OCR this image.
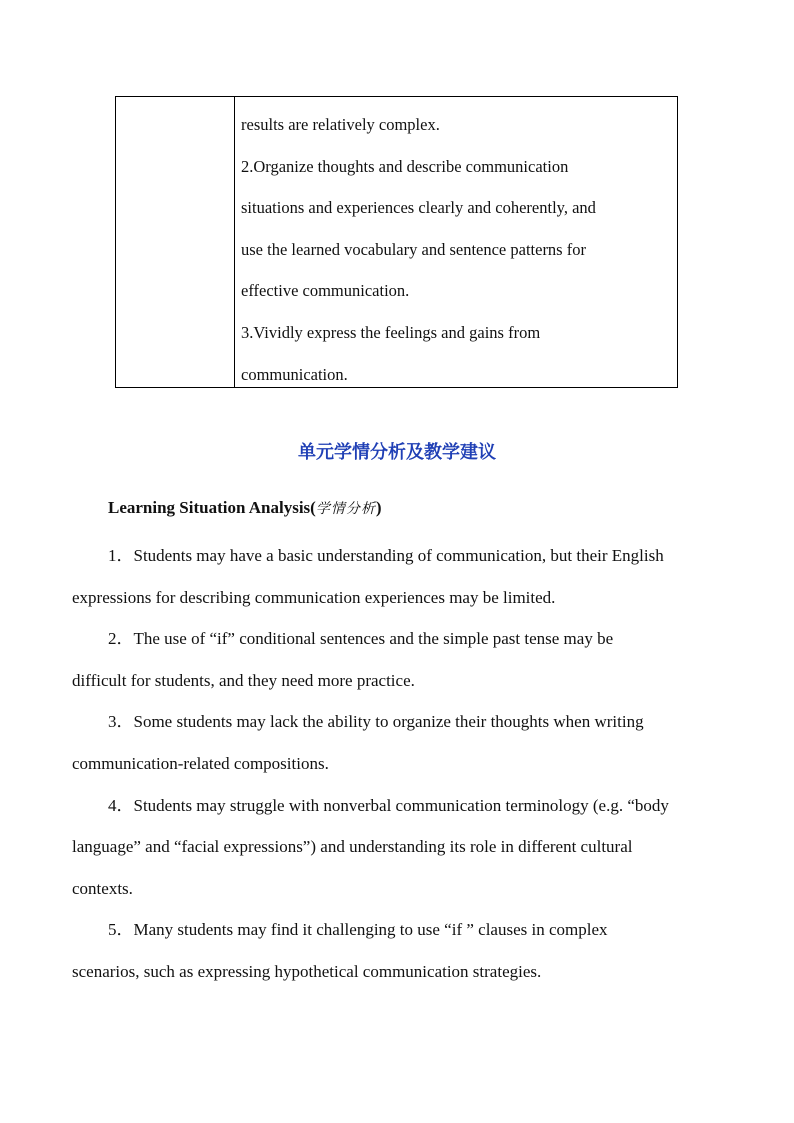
results are relatively complex.
2.Organize thoughts and describe communication
situations and experiences clearly and coherently, and
use the learned vocabulary and sentence patterns for
effective communication.
3.Vividly express the feelings and gains from
communication.
单元学情分析及教学建议
Learning Situation Analysis(学情分析)
1．Students may have a basic understanding of communication, but their English
expressions for describing communication experiences may be limited.
2．The use of “if” conditional sentences and the simple past tense may be
difficult for students, and they need more practice.
3．Some students may lack the ability to organize their thoughts when writing
communication-related compositions.
4．Students may struggle with nonverbal communication terminology (e.g. “body
language” and “facial expressions”) and understanding its role in different cultural
contexts.
5．Many students may find it challenging to use “if ” clauses in complex
scenarios, such as expressing hypothetical communication strategies.
